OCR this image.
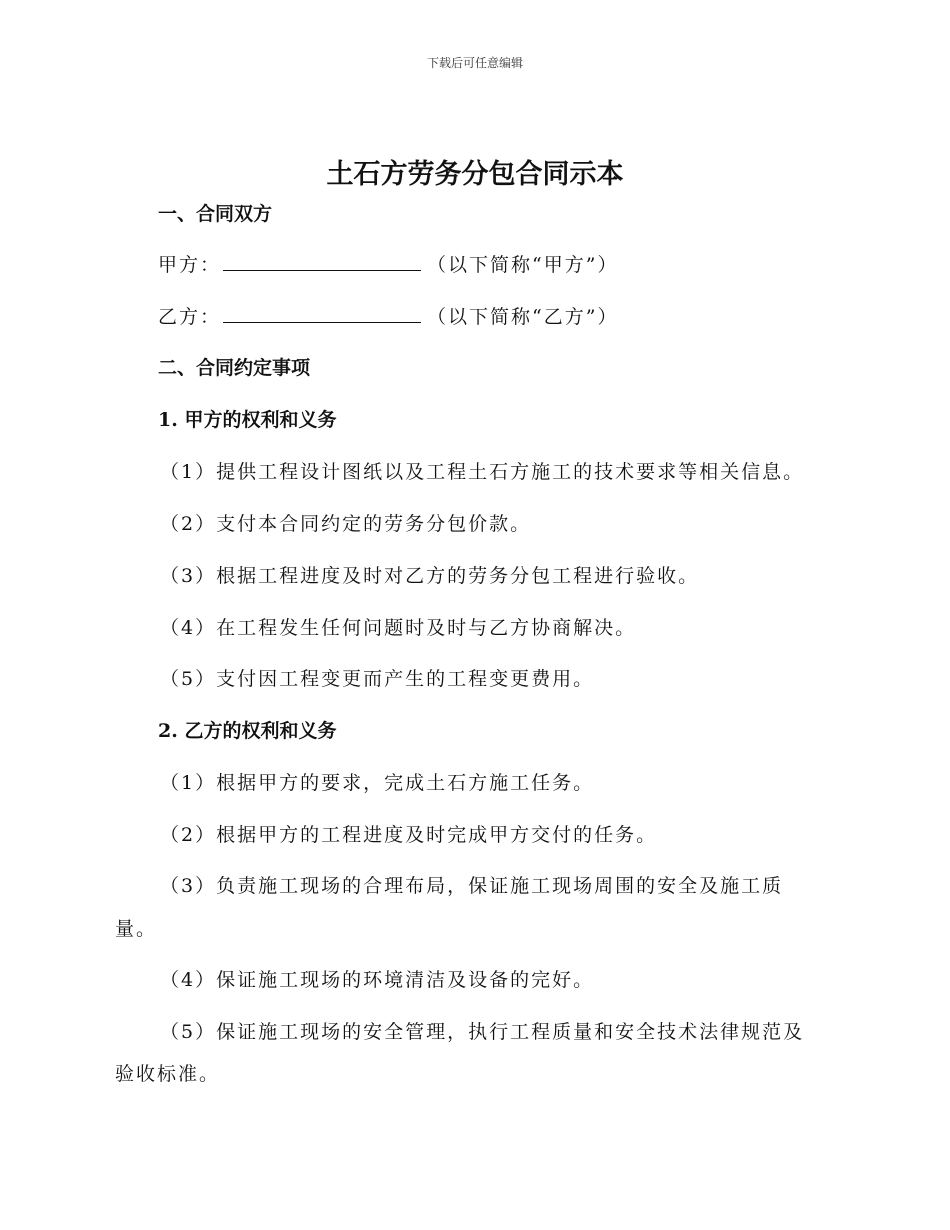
下载后可任意编辑
土石方劳务分包合同示本
一、合同双方
甲方：	（以下简称“甲方”）
乙方：	（以下简称“乙方”）
二、合同约定事项
1. 甲方的权利和义务
（1）提供工程设计图纸以及工程土石方施工的技术要求等相关信息。
（2）支付本合同约定的劳务分包价款。
（3）根据工程进度及时对乙方的劳务分包工程进行验收。
（4）在工程发生任何问题时及时与乙方协商解决。
（5）支付因工程变更而产生的工程变更费用。
2. 乙方的权利和义务
（1）根据甲方的要求，完成土石方施工任务。
（2）根据甲方的工程进度及时完成甲方交付的任务。
（3）负责施工现场的合理布局，保证施工现场周围的安全及施工质
量。
（4）保证施工现场的环境清洁及设备的完好。
（5）保证施工现场的安全管理，执行工程质量和安全技术法律规范及
验收标准。
